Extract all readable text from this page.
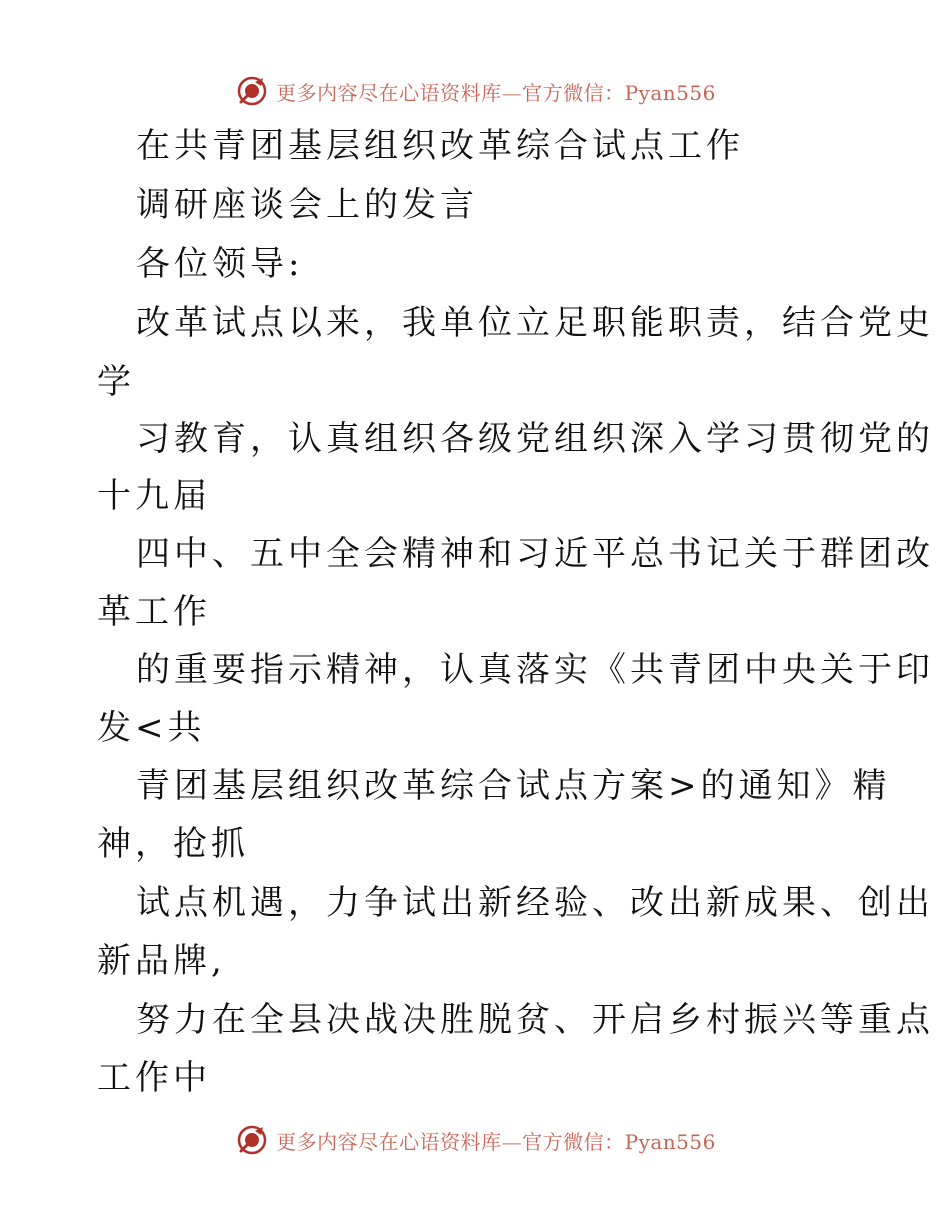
更多内容尽在心语资料库—官方微信：Pyan556
在共青团基层组织改革综合试点工作
调研座谈会上的发言
各位领导:
改革试点以来，我单位立足职能职责，结合党史
学
习教育，认真组织各级党组织深入学习贯彻党的
十九届
四中、五中全会精神和习近平总书记关于群团改
革工作
的重要指示精神，认真落实《共青团中央关于印
发<共
青团基层组织改革综合试点方案>的通知》精
神，抢抓
试点机遇，力争试出新经验、改出新成果、创出
新品牌,
努力在全县决战决胜脱贫、开启乡村振兴等重点
工作中
更多内容尽在心语资料库—官方微信：Pyan556
